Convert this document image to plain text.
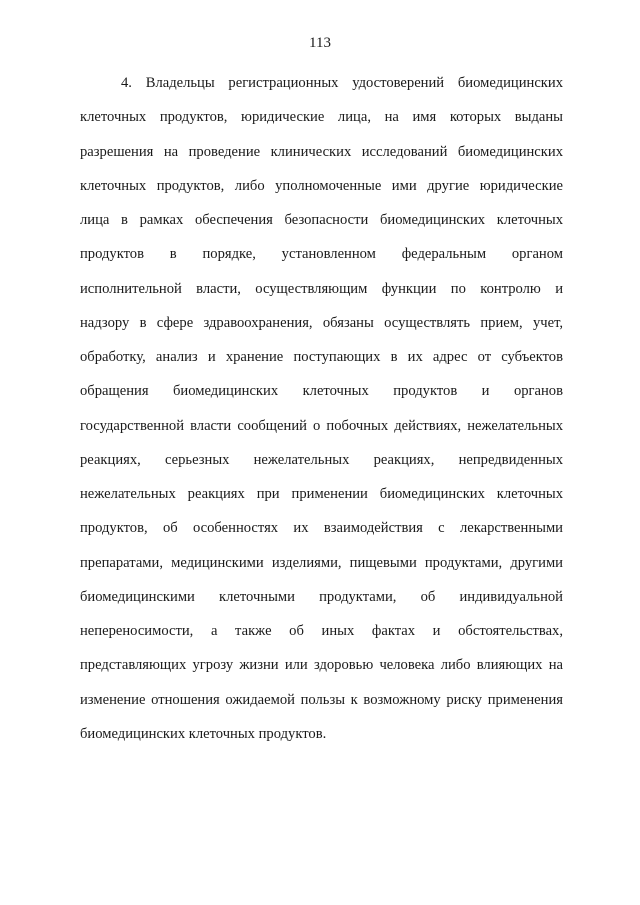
113
4. Владельцы регистрационных удостоверений биомедицинских
клеточных продуктов, юридические лица, на имя которых выданы
разрешения на проведение клинических исследований биомедицинских
клеточных продуктов, либо уполномоченные ими другие юридические
лица в рамках обеспечения безопасности биомедицинских клеточных
продуктов в порядке, установленном федеральным органом
исполнительной власти, осуществляющим функции по контролю и
надзору в сфере здравоохранения, обязаны осуществлять прием, учет,
обработку, анализ и хранение поступающих в их адрес от субъектов
обращения биомедицинских клеточных продуктов и органов
государственной власти сообщений о побочных действиях, нежелательных
реакциях, серьезных нежелательных реакциях, непредвиденных
нежелательных реакциях при применении биомедицинских клеточных
продуктов, об особенностях их взаимодействия с лекарственными
препаратами, медицинскими изделиями, пищевыми продуктами, другими
биомедицинскими клеточными продуктами, об индивидуальной
непереносимости, а также об иных фактах и обстоятельствах,
представляющих угрозу жизни или здоровью человека либо влияющих на
изменение отношения ожидаемой пользы к возможному риску применения
биомедицинских клеточных продуктов.
